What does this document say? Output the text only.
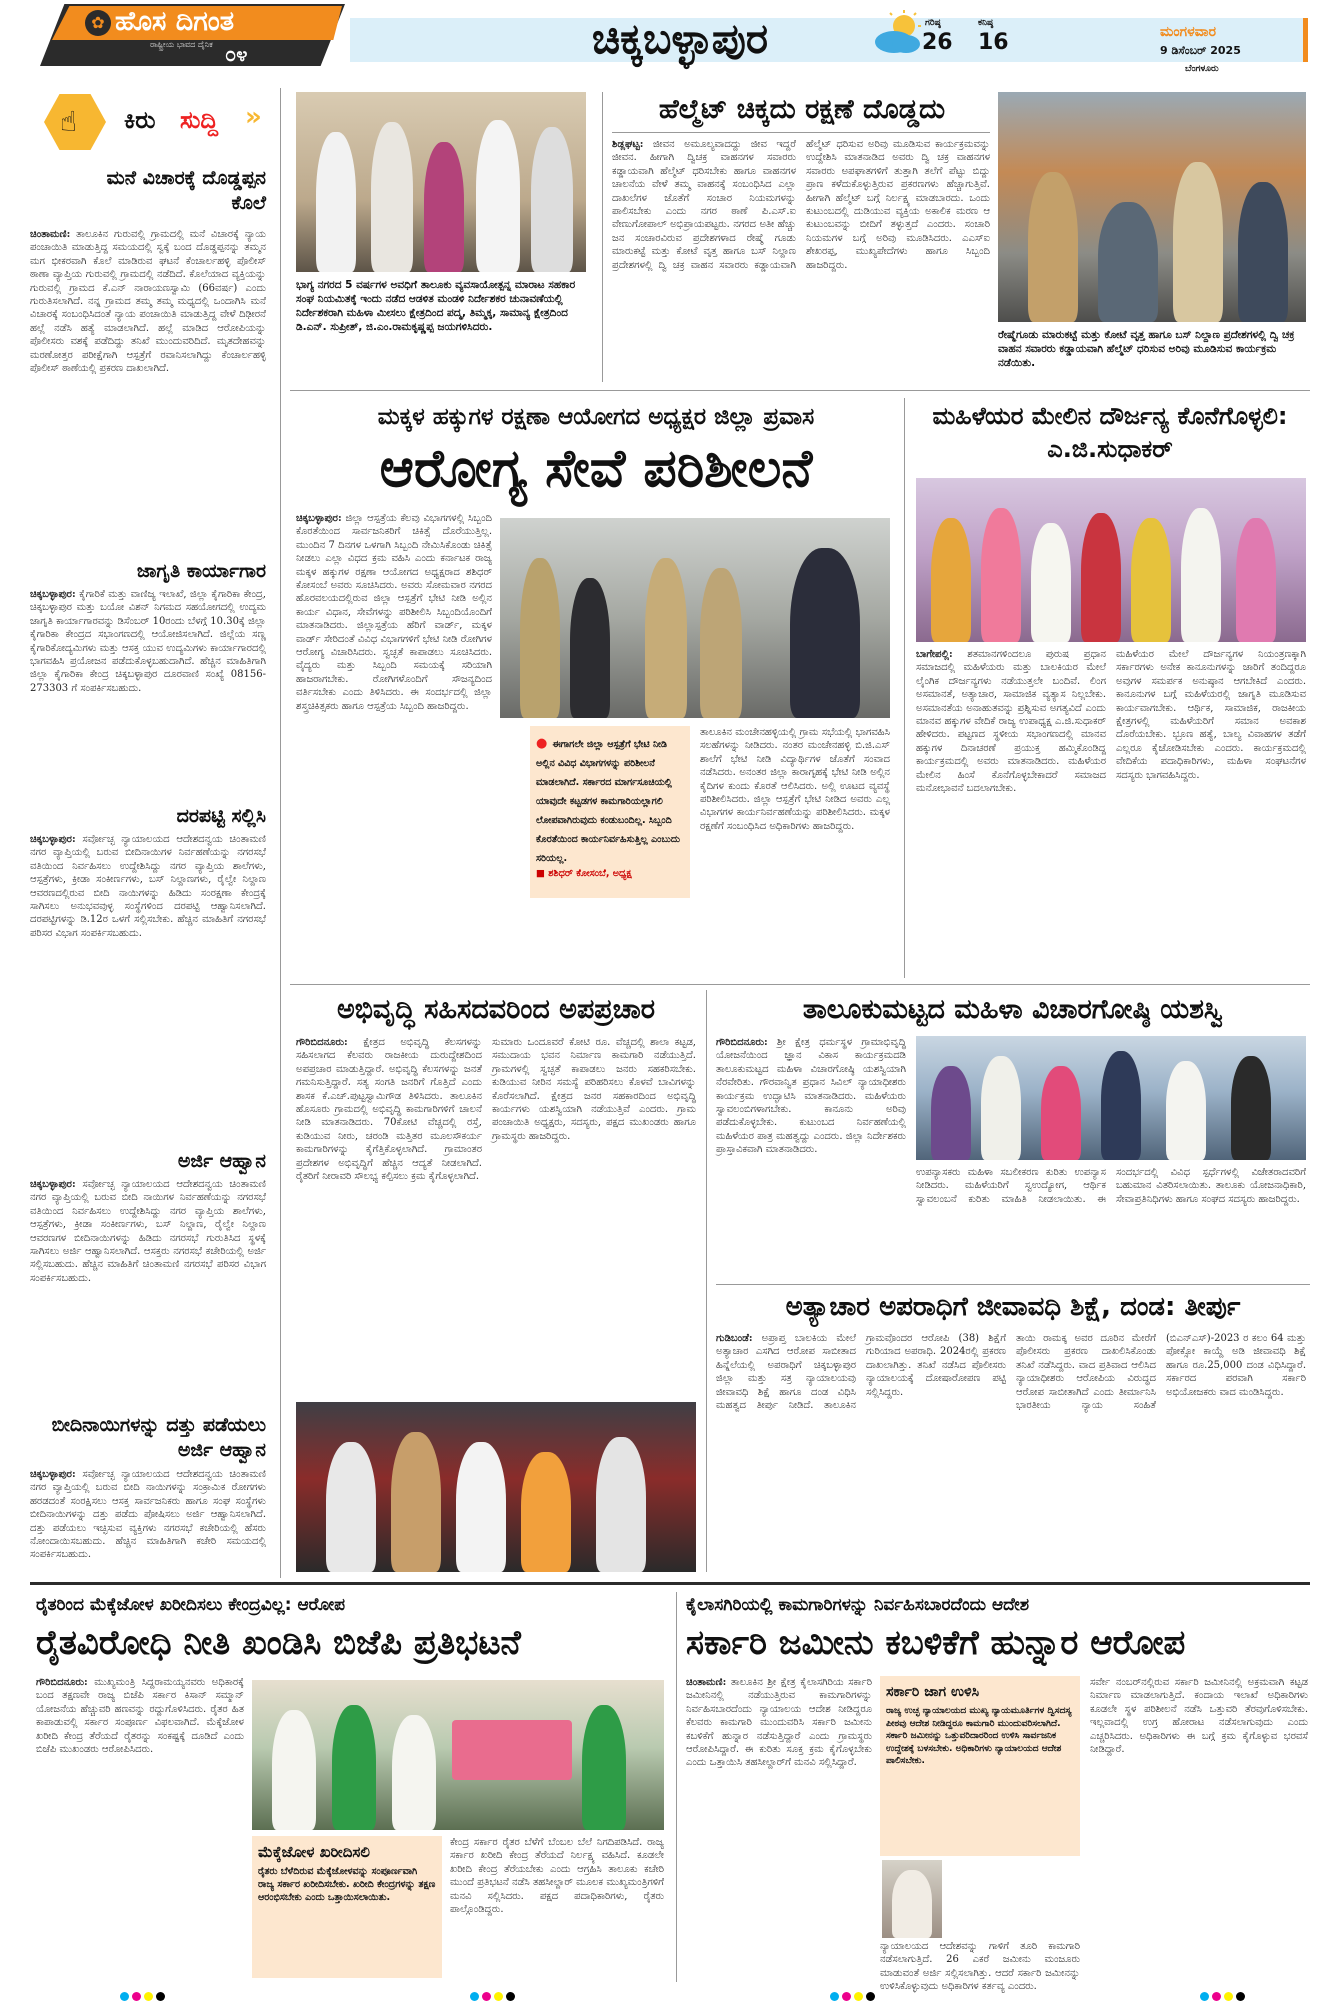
✿ ಹೊಸ ದಿಗಂತ
ರಾಷ್ಟ್ರೀಯ ಭಾವದ ದೈನಿಕ ೦೪	ಚಿಕ್ಕಬಳ್ಳಾಪುರ	ಗರಿಷ್ಠ
26
ಕನಿಷ್ಠ
16	ಮಂಗಳವಾರ
9 ಡಿಸೆಂಬರ್ 2025
ಬೆಂಗಳೂರು
☝ ಕಿರು	ಸುದ್ದಿ	»
ಮನೆ ವಿಚಾರಕ್ಕೆ ದೊಡ್ಡಪ್ಪನ ಕೊಲೆ
ಚಿಂತಾಮಣಿ: ತಾಲೂಕಿನ ಗುರುವಲ್ಲಿ ಗ್ರಾಮದಲ್ಲಿ ಮನೆ ವಿಚಾರಕ್ಕೆ ನ್ಯಾಯ ಪಂಚಾಯಿತಿ ಮಾಡುತ್ತಿದ್ದ ಸಮಯದಲ್ಲಿ ಸ್ವಕ್ಕೆ ಬಂದ ದೊಡ್ಡಪ್ಪನನ್ನು ತಮ್ಮನ ಮಗ ಭೀಕರವಾಗಿ ಕೊಲೆ ಮಾಡಿರುವ ಘಟನೆ ಕೆಂಚಾರ್ಲಹಳ್ಳಿ ಪೊಲೀಸ್ ಠಾಣಾ ವ್ಯಾಪ್ತಿಯ ಗುರುವಲ್ಲಿ ಗ್ರಾಮದಲ್ಲಿ ನಡೆದಿದೆ. ಕೊಲೆಯಾದ ವ್ಯಕ್ತಿಯನ್ನು ಗುರುವಲ್ಲಿ ಗ್ರಾಮದ ಕೆ.ಎನ್ ನಾರಾಯಣಸ್ವಾಮಿ (66ವರ್ಷ) ಎಂದು ಗುರುತಿಸಲಾಗಿದೆ. ನನ್ನ ಗ್ರಾಮದ ತಮ್ಮ ತಮ್ಮ ಮಧ್ಯದಲ್ಲಿ ಒಂದಾಗಿಸಿ ಮನೆ ವಿಚಾರಕ್ಕೆ ಸಂಬಂಧಿಸಿದಂತೆ ನ್ಯಾಯ ಪಂಚಾಯಿತಿ ಮಾಡುತ್ತಿದ್ದ ವೇಳೆ ದಿಢೀರನೆ ಹಲ್ಲೆ ನಡೆಸಿ ಹತ್ಯೆ ಮಾಡಲಾಗಿದೆ. ಹಲ್ಲೆ ಮಾಡಿದ ಆರೋಪಿಯನ್ನು ಪೊಲೀಸರು ವಶಕ್ಕೆ ಪಡೆದಿದ್ದು ತನಿಖೆ ಮುಂದುವರಿದಿದೆ. ಮೃತದೇಹವನ್ನು ಮರಣೋತ್ತರ ಪರೀಕ್ಷೆಗಾಗಿ ಆಸ್ಪತ್ರೆಗೆ ರವಾನಿಸಲಾಗಿದ್ದು ಕೆಂಚಾರ್ಲಹಳ್ಳಿ ಪೊಲೀಸ್ ಠಾಣೆಯಲ್ಲಿ ಪ್ರಕರಣ ದಾಖಲಾಗಿದೆ.
ಜಾಗೃತಿ ಕಾರ್ಯಾಗಾರ
ಚಿಕ್ಕಬಳ್ಳಾಪುರ: ಕೈಗಾರಿಕೆ ಮತ್ತು ವಾಣಿಜ್ಯ ಇಲಾಖೆ, ಜಿಲ್ಲಾ ಕೈಗಾರಿಕಾ ಕೇಂದ್ರ, ಚಿಕ್ಕಬಳ್ಳಾಪುರ ಮತ್ತು ಬಯೋ ವಿಶನ್ ನಿಗಮದ ಸಹಯೋಗದಲ್ಲಿ ಉದ್ಯಮ ಜಾಗೃತಿ ಕಾರ್ಯಾಗಾರವನ್ನು ಡಿಸೆಂಬರ್ 10ರಂದು ಬೆಳಗ್ಗೆ 10.30ಕ್ಕೆ ಜಿಲ್ಲಾ ಕೈಗಾರಿಕಾ ಕೇಂದ್ರದ ಸಭಾಂಗಣದಲ್ಲಿ ಆಯೋಜಿಸಲಾಗಿದೆ. ಜಿಲ್ಲೆಯ ಸಣ್ಣ ಕೈಗಾರಿಕೋದ್ಯಮಿಗಳು ಮತ್ತು ಆಸಕ್ತ ಯುವ ಉದ್ಯಮಿಗಳು ಕಾರ್ಯಾಗಾರದಲ್ಲಿ ಭಾಗವಹಿಸಿ ಪ್ರಯೋಜನ ಪಡೆದುಕೊಳ್ಳಬಹುದಾಗಿದೆ. ಹೆಚ್ಚಿನ ಮಾಹಿತಿಗಾಗಿ ಜಿಲ್ಲಾ ಕೈಗಾರಿಕಾ ಕೇಂದ್ರ ಚಿಕ್ಕಬಳ್ಳಾಪುರ ದೂರವಾಣಿ ಸಂಖ್ಯೆ 08156-273303 ಗೆ ಸಂಪರ್ಕಿಸಬಹುದು.
ದರಪಟ್ಟಿ ಸಲ್ಲಿಸಿ
ಚಿಕ್ಕಬಳ್ಳಾಪುರ: ಸರ್ವೋಚ್ಛ ನ್ಯಾಯಾಲಯದ ಆದೇಶದನ್ವಯ ಚಿಂತಾಮಣಿ ನಗರ ವ್ಯಾಪ್ತಿಯಲ್ಲಿ ಬರುವ ಬೀದಿನಾಯಿಗಳ ನಿರ್ವಹಣೆಯನ್ನು ನಗರಸಭೆ ವತಿಯಿಂದ ನಿರ್ವಹಿಸಲು ಉದ್ದೇಶಿಸಿದ್ದು ನಗರ ವ್ಯಾಪ್ತಿಯ ಶಾಲೆಗಳು, ಆಸ್ಪತ್ರೆಗಳು, ಕ್ರೀಡಾ ಸಂಕೀರ್ಣಗಳು, ಬಸ್ ನಿಲ್ದಾಣಗಳು, ರೈಲ್ವೇ ನಿಲ್ದಾಣ ಆವರಣದಲ್ಲಿರುವ ಬೀದಿ ನಾಯಿಗಳನ್ನು ಹಿಡಿದು ಸಂರಕ್ಷಣಾ ಕೇಂದ್ರಕ್ಕೆ ಸಾಗಿಸಲು ಅನುಭವವುಳ್ಳ ಸಂಸ್ಥೆಗಳಿಂದ ದರಪಟ್ಟಿ ಆಹ್ವಾನಿಸಲಾಗಿದೆ. ದರಪಟ್ಟಿಗಳನ್ನು ಡಿ.12ರ ಒಳಗೆ ಸಲ್ಲಿಸಬೇಕು. ಹೆಚ್ಚಿನ ಮಾಹಿತಿಗೆ ನಗರಸಭೆ ಪರಿಸರ ವಿಭಾಗ ಸಂಪರ್ಕಿಸಬಹುದು.
ಅರ್ಜಿ ಆಹ್ವಾನ
ಚಿಕ್ಕಬಳ್ಳಾಪುರ: ಸರ್ವೋಚ್ಛ ನ್ಯಾಯಾಲಯದ ಆದೇಶದನ್ವಯ ಚಿಂತಾಮಣಿ ನಗರ ವ್ಯಾಪ್ತಿಯಲ್ಲಿ ಬರುವ ಬೀದಿ ನಾಯಿಗಳ ನಿರ್ವಹಣೆಯನ್ನು ನಗರಸಭೆ ವತಿಯಿಂದ ನಿರ್ವಹಿಸಲು ಉದ್ದೇಶಿಸಿದ್ದು ನಗರ ವ್ಯಾಪ್ತಿಯ ಶಾಲೆಗಳು, ಆಸ್ಪತ್ರೆಗಳು, ಕ್ರೀಡಾ ಸಂಕೀರ್ಣಗಳು, ಬಸ್ ನಿಲ್ದಾಣ, ರೈಲ್ವೇ ನಿಲ್ದಾಣ ಆವರಣಗಳ ಬೀದಿನಾಯಿಗಳನ್ನು ಹಿಡಿದು ನಗರಸಭೆ ಗುರುತಿಸಿದ ಸ್ಥಳಕ್ಕೆ ಸಾಗಿಸಲು ಅರ್ಜಿ ಆಹ್ವಾನಿಸಲಾಗಿದೆ. ಆಸಕ್ತರು ನಗರಸಭೆ ಕಚೇರಿಯಲ್ಲಿ ಅರ್ಜಿ ಸಲ್ಲಿಸಬಹುದು. ಹೆಚ್ಚಿನ ಮಾಹಿತಿಗೆ ಚಿಂತಾಮಣಿ ನಗರಸಭೆ ಪರಿಸರ ವಿಭಾಗ ಸಂಪರ್ಕಿಸಬಹುದು.
ಬೀದಿನಾಯಿಗಳನ್ನು ದತ್ತು ಪಡೆಯಲು ಅರ್ಜಿ ಆಹ್ವಾನ
ಚಿಕ್ಕಬಳ್ಳಾಪುರ: ಸರ್ವೋಚ್ಛ ನ್ಯಾಯಾಲಯದ ಆದೇಶದನ್ವಯ ಚಿಂತಾಮಣಿ ನಗರ ವ್ಯಾಪ್ತಿಯಲ್ಲಿ ಬರುವ ಬೀದಿ ನಾಯಿಗಳನ್ನು ಸಂಕ್ರಾಮಿಕ ರೋಗಗಳು ಹರಡದಂತೆ ಸಂರಕ್ಷಿಸಲು ಆಸಕ್ತ ಸಾರ್ವಜನಿಕರು ಹಾಗೂ ಸಂಘ ಸಂಸ್ಥೆಗಳು ಬೀದಿನಾಯಿಗಳನ್ನು ದತ್ತು ಪಡೆದು ಪೋಷಿಸಲು ಅರ್ಜಿ ಆಹ್ವಾನಿಸಲಾಗಿದೆ. ದತ್ತು ಪಡೆಯಲು ಇಚ್ಛಿಸುವ ವ್ಯಕ್ತಿಗಳು ನಗರಸಭೆ ಕಚೇರಿಯಲ್ಲಿ ಹೆಸರು ನೋಂದಾಯಿಸಬಹುದು. ಹೆಚ್ಚಿನ ಮಾಹಿತಿಗಾಗಿ ಕಚೇರಿ ಸಮಯದಲ್ಲಿ ಸಂಪರ್ಕಿಸಬಹುದು.
ಭಾಗ್ಯ ನಗರದ 5 ವರ್ಷಗಳ ಅವಧಿಗೆ ತಾಲೂಕು ವ್ಯವಸಾಯೋತ್ಪನ್ನ ಮಾರಾಟ ಸಹಕಾರ ಸಂಘ ನಿಯಮಿತಕ್ಕೆ ಇಂದು ನಡೆದ ಆಡಳಿತ ಮಂಡಳಿ ನಿರ್ದೇಶಕರ ಚುನಾವಣೆಯಲ್ಲಿ ನಿರ್ದೇಶಕರಾಗಿ ಮಹಿಳಾ ಮೀಸಲು ಕ್ಷೇತ್ರದಿಂದ ಪದ್ಮ, ತಿಮ್ಮಕ್ಕ, ಸಾಮಾನ್ಯ ಕ್ಷೇತ್ರದಿಂದ ಡಿ.ಎನ್. ಸುಪ್ರೀತ್, ಜಿ.ಎಂ.ರಾಮಕೃಷ್ಣಪ್ಪ ಜಯಗಳಿಸಿದರು.
ಹೆಲ್ಮೆಟ್ ಚಿಕ್ಕದು ರಕ್ಷಣೆ ದೊಡ್ಡದು
ಶಿಡ್ಲಘಟ್ಟ: ಜೀವನ ಅಮೂಲ್ಯವಾದದ್ದು ಜೀವ ಇದ್ದರೆ ಜೀವನ. ಹೀಗಾಗಿ ದ್ವಿಚಕ್ರ ವಾಹನಗಳ ಸವಾರರು ಕಡ್ಡಾಯವಾಗಿ ಹೆಲ್ಮೆಟ್ ಧರಿಸಬೇಕು ಹಾಗೂ ವಾಹನಗಳ ಚಾಲನೆಯ ವೇಳೆ ತಮ್ಮ ವಾಹನಕ್ಕೆ ಸಂಬಂಧಿಸಿದ ಎಲ್ಲಾ ದಾಖಲೆಗಳ ಜೊತೆಗೆ ಸಂಚಾರ ನಿಯಮಗಳನ್ನು ಪಾಲಿಸಬೇಕು ಎಂದು ನಗರ ಠಾಣೆ ಪಿ.ಎಸ್.ಐ ವೇಣುಗೋಪಾಲ್ ಅಭಿಪ್ರಾಯಪಟ್ಟರು. ನಗರದ ಅತೀ ಹೆಚ್ಚು ಜನ ಸಂಚಾರವಿರುವ ಪ್ರದೇಶಗಳಾದ ರೇಷ್ಮೆ ಗೂಡು ಮಾರುಕಟ್ಟೆ ಮತ್ತು ಕೋಟೆ ವೃತ್ತ ಹಾಗೂ ಬಸ್ ನಿಲ್ದಾಣ ಪ್ರದೇಶಗಳಲ್ಲಿ ದ್ವಿ ಚಕ್ರ ವಾಹನ ಸವಾರರು ಕಡ್ಡಾಯವಾಗಿ ಹೆಲ್ಮೆಟ್ ಧರಿಸುವ ಅರಿವು ಮೂಡಿಸುವ ಕಾರ್ಯಕ್ರಮವನ್ನು ಉದ್ದೇಶಿಸಿ ಮಾತನಾಡಿದ ಅವರು ದ್ವಿ ಚಕ್ರ ವಾಹನಗಳ ಸವಾರರು ಅಪಘಾತಗಳಿಗೆ ತುತ್ತಾಗಿ ತಲೆಗೆ ಪೆಟ್ಟು ಬಿದ್ದು ಪ್ರಾಣ ಕಳೆದುಕೊಳ್ಳುತ್ತಿರುವ ಪ್ರಕರಣಗಳು ಹೆಚ್ಚಾಗುತ್ತಿವೆ. ಹೀಗಾಗಿ ಹೆಲ್ಮೆಟ್ ಬಗ್ಗೆ ನಿರ್ಲಕ್ಷ್ಯ ಮಾಡಬಾರದು. ಒಂದು ಕುಟುಂಬದಲ್ಲಿ ದುಡಿಯುವ ವ್ಯಕ್ತಿಯ ಅಕಾಲಿಕ ಮರಣ ಆ ಕುಟುಂಬವನ್ನು ಬೀದಿಗೆ ತಳ್ಳುತ್ತದೆ ಎಂದರು. ಸಂಚಾರಿ ನಿಯಮಗಳ ಬಗ್ಗೆ ಅರಿವು ಮೂಡಿಸಿದರು. ಎಎಸ್‌ಐ ಶೇಖರಪ್ಪ, ಮುಖ್ಯಪೇದೆಗಳು ಹಾಗೂ ಸಿಬ್ಬಂದಿ ಹಾಜರಿದ್ದರು.
ರೇಷ್ಮೆಗೂಡು ಮಾರುಕಟ್ಟೆ ಮತ್ತು ಕೋಟೆ ವೃತ್ತ ಹಾಗೂ ಬಸ್ ನಿಲ್ದಾಣ ಪ್ರದೇಶಗಳಲ್ಲಿ ದ್ವಿ ಚಕ್ರ ವಾಹನ ಸವಾರರು ಕಡ್ಡಾಯವಾಗಿ ಹೆಲ್ಮೆಟ್ ಧರಿಸುವ ಅರಿವು ಮೂಡಿಸುವ ಕಾರ್ಯಕ್ರಮ ನಡೆಯಿತು.
ಮಕ್ಕಳ ಹಕ್ಕುಗಳ ರಕ್ಷಣಾ ಆಯೋಗದ ಅಧ್ಯಕ್ಷರ ಜಿಲ್ಲಾ ಪ್ರವಾಸ
ಆರೋಗ್ಯ ಸೇವೆ ಪರಿಶೀಲನೆ
ಚಿಕ್ಕಬಳ್ಳಾಪುರ: ಜಿಲ್ಲಾ ಆಸ್ಪತ್ರೆಯ ಕೆಲವು ವಿಭಾಗಗಳಲ್ಲಿ ಸಿಬ್ಬಂದಿ ಕೊರತೆಯಿಂದ ಸಾರ್ವಜನಿಕರಿಗೆ ಚಿಕಿತ್ಸೆ ದೊರೆಯುತ್ತಿಲ್ಲ. ಮುಂದಿನ 7 ದಿನಗಳ ಒಳಗಾಗಿ ಸಿಬ್ಬಂದಿ ನೇಮಿಸಿಕೊಂಡು ಚಿಕಿತ್ಸೆ ನೀಡಲು ಎಲ್ಲಾ ವಿಧದ ಕ್ರಮ ವಹಿಸಿ ಎಂದು ಕರ್ನಾಟಕ ರಾಜ್ಯ ಮಕ್ಕಳ ಹಕ್ಕುಗಳ ರಕ್ಷಣಾ ಆಯೋಗದ ಅಧ್ಯಕ್ಷರಾದ ಶಶಿಧರ್ ಕೋಸಂಬೆ ಅವರು ಸೂಚಿಸಿದರು. ಅವರು ಸೋಮವಾರ ನಗರದ ಹೊರವಲಯದಲ್ಲಿರುವ ಜಿಲ್ಲಾ ಆಸ್ಪತ್ರೆಗೆ ಭೇಟಿ ನೀಡಿ ಅಲ್ಲಿನ ಕಾರ್ಯ ವಿಧಾನ, ಸೇವೆಗಳನ್ನು ಪರಿಶೀಲಿಸಿ ಸಿಬ್ಬಂದಿಯೊಂದಿಗೆ ಮಾತನಾಡಿದರು. ಜಿಲ್ಲಾಸ್ಪತ್ರೆಯ ಹೆರಿಗೆ ವಾರ್ಡ್, ಮಕ್ಕಳ ವಾರ್ಡ್ ಸೇರಿದಂತೆ ವಿವಿಧ ವಿಭಾಗಗಳಿಗೆ ಭೇಟಿ ನೀಡಿ ರೋಗಿಗಳ ಆರೋಗ್ಯ ವಿಚಾರಿಸಿದರು. ಸ್ವಚ್ಛತೆ ಕಾಪಾಡಲು ಸೂಚಿಸಿದರು. ವೈದ್ಯರು ಮತ್ತು ಸಿಬ್ಬಂದಿ ಸಮಯಕ್ಕೆ ಸರಿಯಾಗಿ ಹಾಜರಾಗಬೇಕು. ರೋಗಿಗಳೊಂದಿಗೆ ಸೌಜನ್ಯದಿಂದ ವರ್ತಿಸಬೇಕು ಎಂದು ತಿಳಿಸಿದರು. ಈ ಸಂದರ್ಭದಲ್ಲಿ ಜಿಲ್ಲಾ ಶಸ್ತ್ರಚಿಕಿತ್ಸಕರು ಹಾಗೂ ಆಸ್ಪತ್ರೆಯ ಸಿಬ್ಬಂದಿ ಹಾಜರಿದ್ದರು.
● ಈಗಾಗಲೇ ಜಿಲ್ಲಾ ಆಸ್ಪತ್ರೆಗೆ ಭೇಟಿ ನೀಡಿ ಅಲ್ಲಿನ ವಿವಿಧ ವಿಭಾಗಗಳನ್ನು ಪರಿಶೀಲನೆ ಮಾಡಲಾಗಿದೆ. ಸರ್ಕಾರದ ಮಾರ್ಗಸೂಚಿಯಲ್ಲಿ ಯಾವುದೇ ಕಟ್ಟಡಗಳ ಕಾಮಗಾರಿಯಲ್ಲಾಗಲಿ ಲೋಪವಾಗಿರುವುದು ಕಂಡುಬಂದಿಲ್ಲ. ಸಿಬ್ಬಂದಿ ಕೊರತೆಯಿಂದ ಕಾರ್ಯನಿರ್ವಹಿಸುತ್ತಿಲ್ಲ ಎಂಬುದು ಸರಿಯಲ್ಲ.
■ ಶಶಿಧರ್ ಕೋಸಂಬೆ, ಅಧ್ಯಕ್ಷ
ತಾಲೂಕಿನ ಮಂಚೇನಹಳ್ಳಿಯಲ್ಲಿ ಗ್ರಾಮ ಸಭೆಯಲ್ಲಿ ಭಾಗವಹಿಸಿ ಸಲಹೆಗಳನ್ನು ನೀಡಿದರು. ನಂತರ ಮಂಚೇನಹಳ್ಳಿ ಬಿ.ಜಿ.ಎಸ್ ಶಾಲೆಗೆ ಭೇಟಿ ನೀಡಿ ವಿದ್ಯಾರ್ಥಿಗಳ ಜೊತೆಗೆ ಸಂವಾದ ನಡೆಸಿದರು. ಅನಂತರ ಜಿಲ್ಲಾ ಕಾರಾಗೃಹಕ್ಕೆ ಭೇಟಿ ನೀಡಿ ಅಲ್ಲಿನ ಕೈದಿಗಳ ಕುಂದು ಕೊರತೆ ಆಲಿಸಿದರು. ಅಲ್ಲಿ ಊಟದ ವ್ಯವಸ್ಥೆ ಪರಿಶೀಲಿಸಿದರು. ಜಿಲ್ಲಾ ಆಸ್ಪತ್ರೆಗೆ ಭೇಟಿ ನೀಡಿದ ಅವರು ಎಲ್ಲ ವಿಭಾಗಗಳ ಕಾರ್ಯನಿರ್ವಹಣೆಯನ್ನು ಪರಿಶೀಲಿಸಿದರು. ಮಕ್ಕಳ ರಕ್ಷಣೆಗೆ ಸಂಬಂಧಿಸಿದ ಅಧಿಕಾರಿಗಳು ಹಾಜರಿದ್ದರು.
ಮಹಿಳೆಯರ ಮೇಲಿನ ದೌರ್ಜನ್ಯ ಕೊನೆಗೊಳ್ಳಲಿ: ಎ.ಜಿ.ಸುಧಾಕರ್
ಬಾಗೇಪಲ್ಲಿ: ಶತಮಾನಗಳಿಂದಲೂ ಪುರುಷ ಪ್ರಧಾನ ಸಮಾಜದಲ್ಲಿ ಮಹಿಳೆಯರು ಮತ್ತು ಬಾಲಕಿಯರ ಮೇಲೆ ಲೈಂಗಿಕ ದೌರ್ಜನ್ಯಗಳು ನಡೆಯುತ್ತಲೇ ಬಂದಿವೆ. ಲಿಂಗ ಅಸಮಾನತೆ, ಅತ್ಯಾಚಾರ, ಸಾಮಾಜಿಕ ವ್ಯತ್ಯಾಸ ನಿಲ್ಲಬೇಕು. ಅಸಮಾನತೆಯ ಅನಾಹುತವನ್ನು ಪ್ರಶ್ನಿಸುವ ಅಗತ್ಯವಿದೆ ಎಂದು ಮಾನವ ಹಕ್ಕುಗಳ ವೇದಿಕೆ ರಾಜ್ಯ ಉಪಾಧ್ಯಕ್ಷ ಎ.ಜಿ.ಸುಧಾಕರ್ ಹೇಳಿದರು. ಪಟ್ಟಣದ ಸ್ಥಳೀಯ ಸಭಾಂಗಣದಲ್ಲಿ ಮಾನವ ಹಕ್ಕುಗಳ ದಿನಾಚರಣೆ ಪ್ರಯುಕ್ತ ಹಮ್ಮಿಕೊಂಡಿದ್ದ ಕಾರ್ಯಕ್ರಮದಲ್ಲಿ ಅವರು ಮಾತನಾಡಿದರು. ಮಹಿಳೆಯರ ಮೇಲಿನ ಹಿಂಸೆ ಕೊನೆಗೊಳ್ಳಬೇಕಾದರೆ ಸಮಾಜದ ಮನೋಭಾವನೆ ಬದಲಾಗಬೇಕು.
ಮಹಿಳೆಯರ ಮೇಲೆ ದೌರ್ಜನ್ಯಗಳ ನಿಯಂತ್ರಣಕ್ಕಾಗಿ ಸರ್ಕಾರಗಳು ಅನೇಕ ಕಾನೂನುಗಳನ್ನು ಜಾರಿಗೆ ತಂದಿದ್ದರೂ ಅವುಗಳ ಸಮರ್ಪಕ ಅನುಷ್ಠಾನ ಆಗಬೇಕಿದೆ ಎಂದರು. ಕಾನೂನುಗಳ ಬಗ್ಗೆ ಮಹಿಳೆಯರಲ್ಲಿ ಜಾಗೃತಿ ಮೂಡಿಸುವ ಕಾರ್ಯವಾಗಬೇಕು. ಆರ್ಥಿಕ, ಸಾಮಾಜಿಕ, ರಾಜಕೀಯ ಕ್ಷೇತ್ರಗಳಲ್ಲಿ ಮಹಿಳೆಯರಿಗೆ ಸಮಾನ ಅವಕಾಶ ದೊರೆಯಬೇಕು. ಭ್ರೂಣ ಹತ್ಯೆ, ಬಾಲ್ಯ ವಿವಾಹಗಳ ತಡೆಗೆ ಎಲ್ಲರೂ ಕೈಜೋಡಿಸಬೇಕು ಎಂದರು. ಕಾರ್ಯಕ್ರಮದಲ್ಲಿ ವೇದಿಕೆಯ ಪದಾಧಿಕಾರಿಗಳು, ಮಹಿಳಾ ಸಂಘಟನೆಗಳ ಸದಸ್ಯರು ಭಾಗವಹಿಸಿದ್ದರು.
ಅಭಿವೃದ್ಧಿ ಸಹಿಸದವರಿಂದ ಅಪಪ್ರಚಾರ
ಗೌರಿಬಿದನೂರು: ಕ್ಷೇತ್ರದ ಅಭಿವೃದ್ಧಿ ಕೆಲಸಗಳನ್ನು ಸಹಿಸಲಾಗದ ಕೆಲವರು ರಾಜಕೀಯ ದುರುದ್ದೇಶದಿಂದ ಅಪಪ್ರಚಾರ ಮಾಡುತ್ತಿದ್ದಾರೆ. ಅಭಿವೃದ್ಧಿ ಕೆಲಸಗಳನ್ನು ಜನತೆ ಗಮನಿಸುತ್ತಿದ್ದಾರೆ. ಸತ್ಯ ಸಂಗತಿ ಜನರಿಗೆ ಗೊತ್ತಿದೆ ಎಂದು ಶಾಸಕ ಕೆ.ಎಚ್.ಪುಟ್ಟಸ್ವಾಮಿಗೌಡ ತಿಳಿಸಿದರು. ತಾಲೂಕಿನ ಹೊಸೂರು ಗ್ರಾಮದಲ್ಲಿ ಅಭಿವೃದ್ಧಿ ಕಾಮಗಾರಿಗಳಿಗೆ ಚಾಲನೆ ನೀಡಿ ಮಾತನಾಡಿದರು. 70ಕೋಟಿ ವೆಚ್ಚದಲ್ಲಿ ರಸ್ತೆ, ಕುಡಿಯುವ ನೀರು, ಚರಂಡಿ ಮತ್ತಿತರ ಮೂಲಸೌಕರ್ಯ ಕಾಮಗಾರಿಗಳನ್ನು ಕೈಗೆತ್ತಿಕೊಳ್ಳಲಾಗಿದೆ. ಗ್ರಾಮಾಂತರ ಪ್ರದೇಶಗಳ ಅಭಿವೃದ್ಧಿಗೆ ಹೆಚ್ಚಿನ ಆದ್ಯತೆ ನೀಡಲಾಗಿದೆ. ರೈತರಿಗೆ ನೀರಾವರಿ ಸೌಲಭ್ಯ ಕಲ್ಪಿಸಲು ಕ್ರಮ ಕೈಗೊಳ್ಳಲಾಗಿದೆ.
ಸುಮಾರು ಒಂದೂವರೆ ಕೋಟಿ ರೂ. ವೆಚ್ಚದಲ್ಲಿ ಶಾಲಾ ಕಟ್ಟಡ, ಸಮುದಾಯ ಭವನ ನಿರ್ಮಾಣ ಕಾಮಗಾರಿ ನಡೆಯುತ್ತಿದೆ. ಗ್ರಾಮಗಳಲ್ಲಿ ಸ್ವಚ್ಛತೆ ಕಾಪಾಡಲು ಜನರು ಸಹಕರಿಸಬೇಕು. ಕುಡಿಯುವ ನೀರಿನ ಸಮಸ್ಯೆ ಪರಿಹರಿಸಲು ಕೊಳವೆ ಬಾವಿಗಳನ್ನು ಕೊರೆಸಲಾಗಿದೆ. ಕ್ಷೇತ್ರದ ಜನರ ಸಹಕಾರದಿಂದ ಅಭಿವೃದ್ಧಿ ಕಾರ್ಯಗಳು ಯಶಸ್ವಿಯಾಗಿ ನಡೆಯುತ್ತಿವೆ ಎಂದರು. ಗ್ರಾಮ ಪಂಚಾಯಿತಿ ಅಧ್ಯಕ್ಷರು, ಸದಸ್ಯರು, ಪಕ್ಷದ ಮುಖಂಡರು ಹಾಗೂ ಗ್ರಾಮಸ್ಥರು ಹಾಜರಿದ್ದರು.
ತಾಲೂಕುಮಟ್ಟದ ಮಹಿಳಾ ವಿಚಾರಗೋಷ್ಠಿ ಯಶಸ್ವಿ
ಗೌರಿಬಿದನೂರು: ಶ್ರೀ ಕ್ಷೇತ್ರ ಧರ್ಮಸ್ಥಳ ಗ್ರಾಮಾಭಿವೃದ್ಧಿ ಯೋಜನೆಯಿಂದ ಜ್ಞಾನ ವಿಕಾಸ ಕಾರ್ಯಕ್ರಮದಡಿ ತಾಲೂಕುಮಟ್ಟದ ಮಹಿಳಾ ವಿಚಾರಗೋಷ್ಠಿ ಯಶಸ್ವಿಯಾಗಿ ನೆರವೇರಿತು. ಗೌರವಾನ್ವಿತ ಪ್ರಧಾನ ಸಿವಿಲ್ ನ್ಯಾಯಾಧೀಶರು ಕಾರ್ಯಕ್ರಮ ಉದ್ಘಾಟಿಸಿ ಮಾತನಾಡಿದರು. ಮಹಿಳೆಯರು ಸ್ವಾವಲಂಬಿಗಳಾಗಬೇಕು. ಕಾನೂನು ಅರಿವು ಪಡೆದುಕೊಳ್ಳಬೇಕು. ಕುಟುಂಬದ ನಿರ್ವಹಣೆಯಲ್ಲಿ ಮಹಿಳೆಯರ ಪಾತ್ರ ಮಹತ್ವದ್ದು ಎಂದರು. ಜಿಲ್ಲಾ ನಿರ್ದೇಶಕರು ಪ್ರಾಸ್ತಾವಿಕವಾಗಿ ಮಾತನಾಡಿದರು.
ಉಪನ್ಯಾಸಕರು ಮಹಿಳಾ ಸಬಲೀಕರಣ ಕುರಿತು ಉಪನ್ಯಾಸ ನೀಡಿದರು. ಮಹಿಳೆಯರಿಗೆ ಸ್ವಉದ್ಯೋಗ, ಆರ್ಥಿಕ ಸ್ವಾವಲಂಬನೆ ಕುರಿತು ಮಾಹಿತಿ ನೀಡಲಾಯಿತು. ಈ ಸಂದರ್ಭದಲ್ಲಿ ವಿವಿಧ ಸ್ಪರ್ಧೆಗಳಲ್ಲಿ ವಿಜೇತರಾದವರಿಗೆ ಬಹುಮಾನ ವಿತರಿಸಲಾಯಿತು. ತಾಲೂಕು ಯೋಜನಾಧಿಕಾರಿ, ಸೇವಾಪ್ರತಿನಿಧಿಗಳು ಹಾಗೂ ಸಂಘದ ಸದಸ್ಯರು ಹಾಜರಿದ್ದರು.
ಅತ್ಯಾಚಾರ ಅಪರಾಧಿಗೆ ಜೀವಾವಧಿ ಶಿಕ್ಷೆ, ದಂಡ: ತೀರ್ಪು
ಗುಡಿಬಂಡೆ: ಅಪ್ರಾಪ್ತ ಬಾಲಕಿಯ ಮೇಲೆ ಅತ್ಯಾಚಾರ ಎಸಗಿದ ಆರೋಪ ಸಾಬೀತಾದ ಹಿನ್ನೆಲೆಯಲ್ಲಿ ಅಪರಾಧಿಗೆ ಚಿಕ್ಕಬಳ್ಳಾಪುರ ಜಿಲ್ಲಾ ಮತ್ತು ಸತ್ರ ನ್ಯಾಯಾಲಯವು ಜೀವಾವಧಿ ಶಿಕ್ಷೆ ಹಾಗೂ ದಂಡ ವಿಧಿಸಿ ಮಹತ್ವದ ತೀರ್ಪು ನೀಡಿದೆ. ತಾಲೂಕಿನ ಗ್ರಾಮವೊಂದರ ಆರೋಪಿ (38) ಶಿಕ್ಷೆಗೆ ಗುರಿಯಾದ ಅಪರಾಧಿ. 2024ರಲ್ಲಿ ಪ್ರಕರಣ ದಾಖಲಾಗಿತ್ತು. ತನಿಖೆ ನಡೆಸಿದ ಪೊಲೀಸರು ನ್ಯಾಯಾಲಯಕ್ಕೆ ದೋಷಾರೋಪಣ ಪಟ್ಟಿ ಸಲ್ಲಿಸಿದ್ದರು.
ತಾಯಿ ರಾಮಕ್ಕ ಅವರ ದೂರಿನ ಮೇರೆಗೆ ಪೊಲೀಸರು ಪ್ರಕರಣ ದಾಖಲಿಸಿಕೊಂಡು ತನಿಖೆ ನಡೆಸಿದ್ದರು. ವಾದ ಪ್ರತಿವಾದ ಆಲಿಸಿದ ನ್ಯಾಯಾಧೀಶರು ಆರೋಪಿಯ ವಿರುದ್ಧದ ಆರೋಪ ಸಾಬೀತಾಗಿದೆ ಎಂದು ತೀರ್ಮಾನಿಸಿ ಭಾರತೀಯ ನ್ಯಾಯ ಸಂಹಿತೆ (ಬಿಎನ್‌ಎಸ್)-2023 ರ ಕಲಂ 64 ಮತ್ತು ಪೋಕ್ಸೋ ಕಾಯ್ದೆ ಅಡಿ ಜೀವಾವಧಿ ಶಿಕ್ಷೆ ಹಾಗೂ ರೂ.25,000 ದಂಡ ವಿಧಿಸಿದ್ದಾರೆ. ಸರ್ಕಾರದ ಪರವಾಗಿ ಸರ್ಕಾರಿ ಅಭಿಯೋಜಕರು ವಾದ ಮಂಡಿಸಿದ್ದರು.
ರೈತರಿಂದ ಮೆಕ್ಕೆಜೋಳ ಖರೀದಿಸಲು ಕೇಂದ್ರವಿಲ್ಲ: ಆರೋಪ
ರೈತವಿರೋಧಿ ನೀತಿ ಖಂಡಿಸಿ ಬಿಜೆಪಿ ಪ್ರತಿಭಟನೆ
ಗೌರಿಬಿದನೂರು: ಮುಖ್ಯಮಂತ್ರಿ ಸಿದ್ದರಾಮಯ್ಯನವರು ಅಧಿಕಾರಕ್ಕೆ ಬಂದ ತಕ್ಷಣವೇ ರಾಜ್ಯ ಬಿಜೆಪಿ ಸರ್ಕಾರ ಕಿಸಾನ್ ಸಮ್ಮಾನ್ ಯೋಜನೆಯ ಹೆಚ್ಚುವರಿ ಹಣವನ್ನು ರದ್ದುಗೊಳಿಸಿದರು. ರೈತರ ಹಿತ ಕಾಪಾಡುವಲ್ಲಿ ಸರ್ಕಾರ ಸಂಪೂರ್ಣ ವಿಫಲವಾಗಿದೆ. ಮೆಕ್ಕೆಜೋಳ ಖರೀದಿ ಕೇಂದ್ರ ತೆರೆಯದೆ ರೈತರನ್ನು ಸಂಕಷ್ಟಕ್ಕೆ ದೂಡಿದೆ ಎಂದು ಬಿಜೆಪಿ ಮುಖಂಡರು ಆರೋಪಿಸಿದರು.
ಮೆಕ್ಕೆಜೋಳ ಖರೀದಿಸಲಿ
ರೈತರು ಬೆಳೆದಿರುವ ಮೆಕ್ಕೆಜೋಳವನ್ನು ಸಂಪೂರ್ಣವಾಗಿ ರಾಜ್ಯ ಸರ್ಕಾರ ಖರೀದಿಸಬೇಕು. ಖರೀದಿ ಕೇಂದ್ರಗಳನ್ನು ತಕ್ಷಣ ಆರಂಭಿಸಬೇಕು ಎಂದು ಒತ್ತಾಯಿಸಲಾಯಿತು.
ಕೇಂದ್ರ ಸರ್ಕಾರ ರೈತರ ಬೆಳೆಗೆ ಬೆಂಬಲ ಬೆಲೆ ನಿಗದಿಪಡಿಸಿದೆ. ರಾಜ್ಯ ಸರ್ಕಾರ ಖರೀದಿ ಕೇಂದ್ರ ತೆರೆಯದೆ ನಿರ್ಲಕ್ಷ್ಯ ವಹಿಸಿದೆ. ಕೂಡಲೇ ಖರೀದಿ ಕೇಂದ್ರ ತೆರೆಯಬೇಕು ಎಂದು ಆಗ್ರಹಿಸಿ ತಾಲೂಕು ಕಚೇರಿ ಮುಂದೆ ಪ್ರತಿಭಟನೆ ನಡೆಸಿ ತಹಸೀಲ್ದಾರ್ ಮೂಲಕ ಮುಖ್ಯಮಂತ್ರಿಗಳಿಗೆ ಮನವಿ ಸಲ್ಲಿಸಿದರು. ಪಕ್ಷದ ಪದಾಧಿಕಾರಿಗಳು, ರೈತರು ಪಾಲ್ಗೊಂಡಿದ್ದರು.
ಕೈಲಾಸಗಿರಿಯಲ್ಲಿ ಕಾಮಗಾರಿಗಳನ್ನು ನಿರ್ವಹಿಸಬಾರದೆಂದು ಆದೇಶ
ಸರ್ಕಾರಿ ಜಮೀನು ಕಬಳಿಕೆಗೆ ಹುನ್ನಾರ ಆರೋಪ
ಚಿಂತಾಮಣಿ: ತಾಲೂಕಿನ ಶ್ರೀ ಕ್ಷೇತ್ರ ಕೈಲಾಸಗಿರಿಯ ಸರ್ಕಾರಿ ಜಮೀನಿನಲ್ಲಿ ನಡೆಯುತ್ತಿರುವ ಕಾಮಗಾರಿಗಳನ್ನು ನಿರ್ವಹಿಸಬಾರದೆಂದು ನ್ಯಾಯಾಲಯ ಆದೇಶ ನೀಡಿದ್ದರೂ ಕೆಲವರು ಕಾಮಗಾರಿ ಮುಂದುವರಿಸಿ ಸರ್ಕಾರಿ ಜಮೀನು ಕಬಳಿಕೆಗೆ ಹುನ್ನಾರ ನಡೆಸುತ್ತಿದ್ದಾರೆ ಎಂದು ಗ್ರಾಮಸ್ಥರು ಆರೋಪಿಸಿದ್ದಾರೆ. ಈ ಕುರಿತು ಸೂಕ್ತ ಕ್ರಮ ಕೈಗೊಳ್ಳಬೇಕು ಎಂದು ಒತ್ತಾಯಿಸಿ ತಹಸೀಲ್ದಾರ್‌ಗೆ ಮನವಿ ಸಲ್ಲಿಸಿದ್ದಾರೆ.
ಸರ್ಕಾರಿ ಜಾಗ ಉಳಿಸಿ
ರಾಜ್ಯ ಉಚ್ಛ ನ್ಯಾಯಾಲಯದ ಮುಖ್ಯ ನ್ಯಾಯಮೂರ್ತಿಗಳ ದ್ವಿಸದಸ್ಯ ಪೀಠವು ಆದೇಶ ನೀಡಿದ್ದರೂ ಕಾಮಗಾರಿ ಮುಂದುವರಿಸಲಾಗಿದೆ. ಸರ್ಕಾರಿ ಜಮೀನನ್ನು ಒತ್ತುವರಿದಾರರಿಂದ ಉಳಿಸಿ ಸಾರ್ವಜನಿಕ ಉದ್ದೇಶಕ್ಕೆ ಬಳಸಬೇಕು. ಅಧಿಕಾರಿಗಳು ನ್ಯಾಯಾಲಯದ ಆದೇಶ ಪಾಲಿಸಬೇಕು.
ನ್ಯಾಯಾಲಯದ ಆದೇಶವನ್ನು ಗಾಳಿಗೆ ತೂರಿ ಕಾಮಗಾರಿ ನಡೆಸಲಾಗುತ್ತಿದೆ. 26 ಎಕರೆ ಜಮೀನು ಮಂಜೂರು ಮಾಡುವಂತೆ ಅರ್ಜಿ ಸಲ್ಲಿಸಲಾಗಿತ್ತು. ಆದರೆ ಸರ್ಕಾರಿ ಜಮೀನನ್ನು ಉಳಿಸಿಕೊಳ್ಳುವುದು ಅಧಿಕಾರಿಗಳ ಕರ್ತವ್ಯ ಎಂದರು.
ಸರ್ವೇ ನಂಬರ್‌ನಲ್ಲಿರುವ ಸರ್ಕಾರಿ ಜಮೀನಿನಲ್ಲಿ ಅಕ್ರಮವಾಗಿ ಕಟ್ಟಡ ನಿರ್ಮಾಣ ಮಾಡಲಾಗುತ್ತಿದೆ. ಕಂದಾಯ ಇಲಾಖೆ ಅಧಿಕಾರಿಗಳು ಕೂಡಲೇ ಸ್ಥಳ ಪರಿಶೀಲನೆ ನಡೆಸಿ ಒತ್ತುವರಿ ತೆರವುಗೊಳಿಸಬೇಕು. ಇಲ್ಲವಾದಲ್ಲಿ ಉಗ್ರ ಹೋರಾಟ ನಡೆಸಲಾಗುವುದು ಎಂದು ಎಚ್ಚರಿಸಿದರು. ಅಧಿಕಾರಿಗಳು ಈ ಬಗ್ಗೆ ಕ್ರಮ ಕೈಗೊಳ್ಳುವ ಭರವಸೆ ನೀಡಿದ್ದಾರೆ.
